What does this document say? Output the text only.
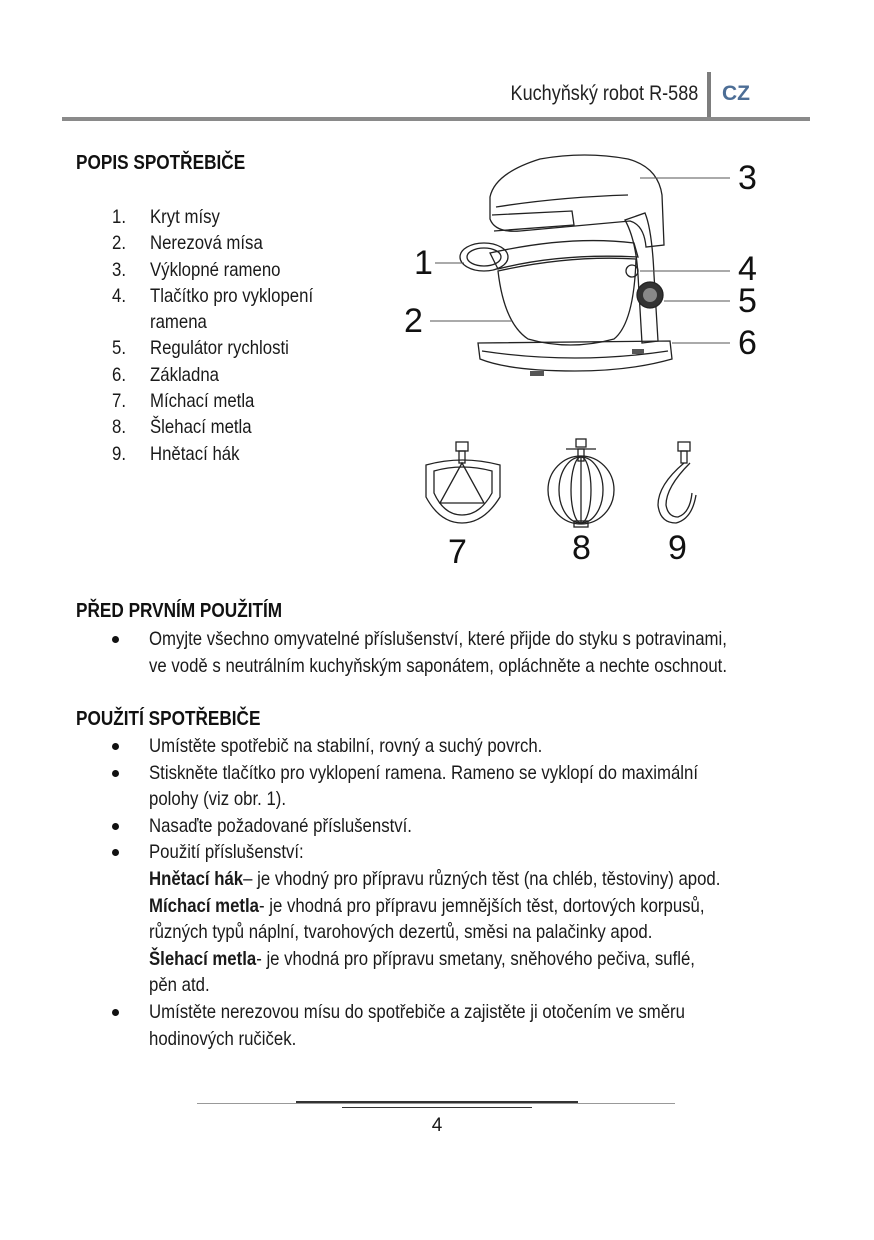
Kuchyňský robot R-588 CZ
POPIS SPOTŘEBIČE
1.	Kryt mísy
2.	Nerezová mísa
3.	Výklopné rameno
4.	Tlačítko pro vyklopení
ramena
5.	Regulátor rychlosti
6.	Základna
7.	Míchací metla
8.	Šlehací metla
9.	Hnětací hák
1
2
3
4
5
6
7	8 9
PŘED PRVNÍM POUŽITÍM
Omyjte všechno omyvatelné příslušenství, které přijde do styku s potravinami,
ve vodě s neutrálním kuchyňským saponátem, opláchněte a nechte oschnout.
POUŽITÍ SPOTŘEBIČE
Umístěte spotřebič na stabilní, rovný a suchý povrch.
Stiskněte tlačítko pro vyklopení ramena. Rameno se vyklopí do maximální
polohy (viz obr. 1).
Nasaďte požadované příslušenství.
Použití příslušenství:
Hnětací hák– je vhodný pro přípravu různých těst (na chléb, těstoviny) apod.
Míchací metla- je vhodná pro přípravu jemnějších těst, dortových korpusů,
různých typů náplní, tvarohových dezertů, směsi na palačinky apod.
Šlehací metla- je vhodná pro přípravu smetany, sněhového pečiva, suflé,
pěn atd.
Umístěte nerezovou mísu do spotřebiče a zajistěte ji otočením ve směru
hodinových ručiček.
4
